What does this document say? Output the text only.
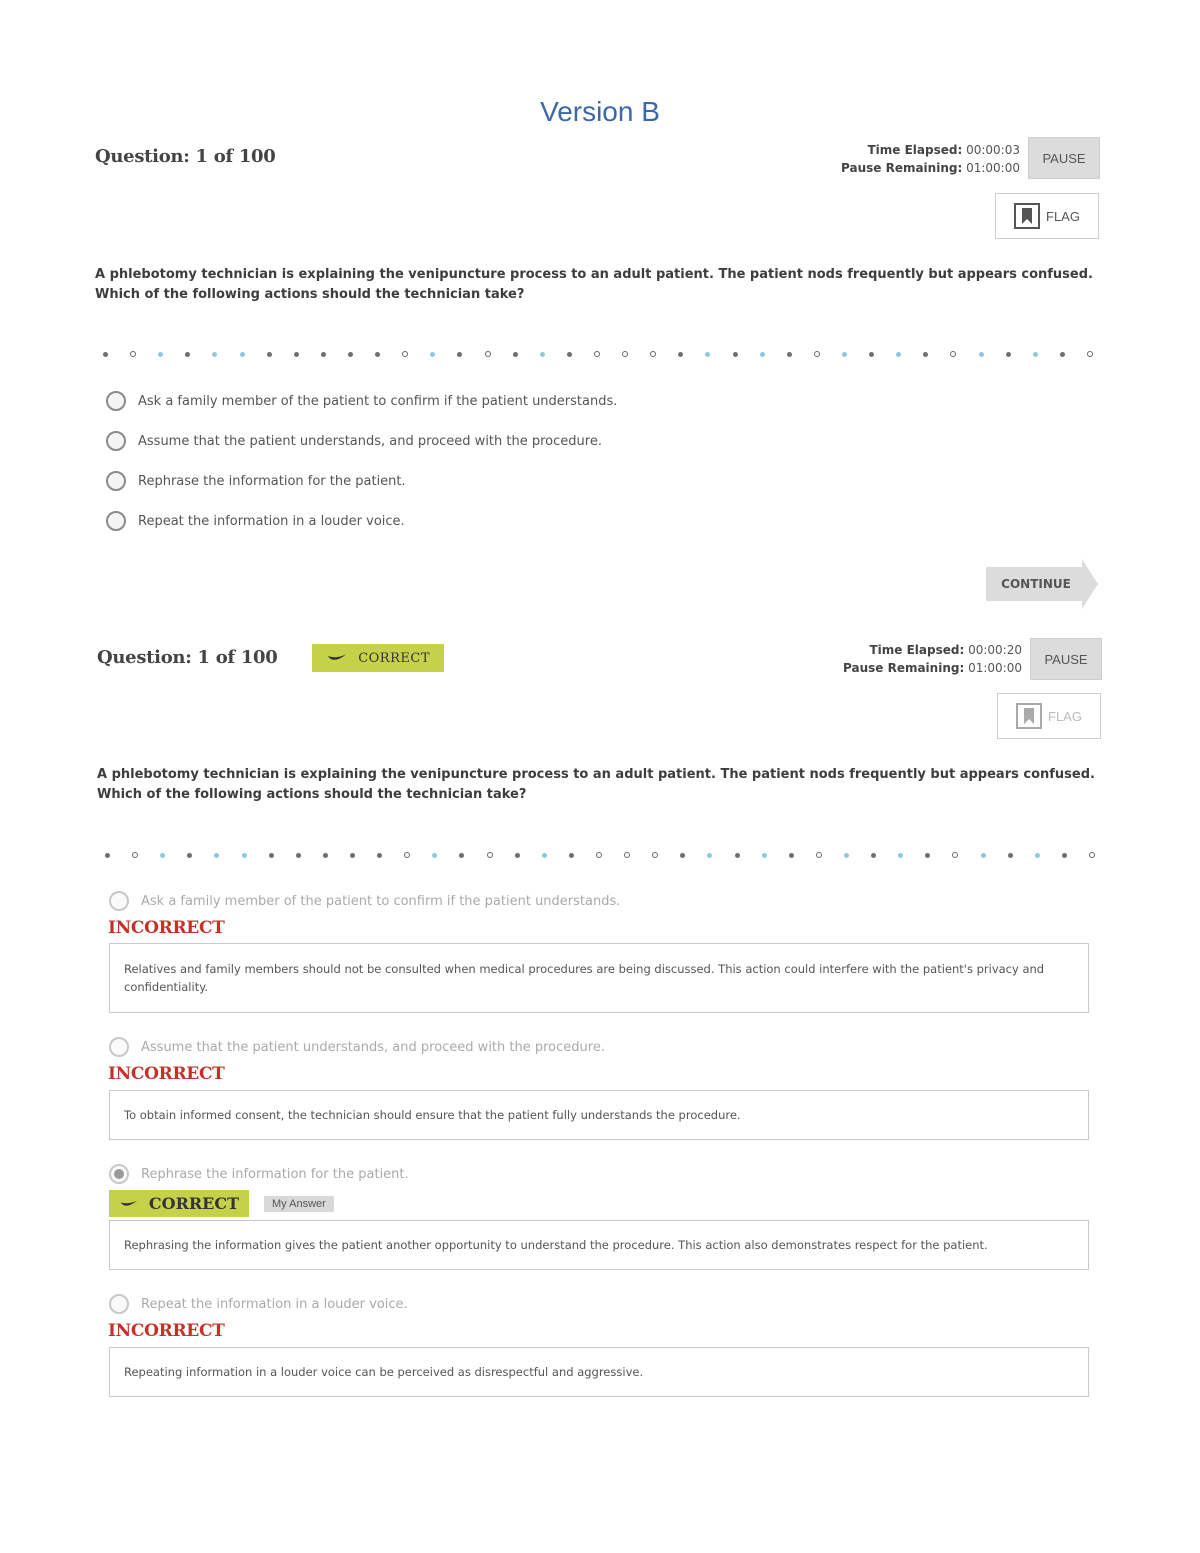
Version B
Question: 1 of 100	Time Elapsed: 00:00:03
Pause Remaining: 01:00:00
PAUSE
FLAG
A phlebotomy technician is explaining the venipuncture process to an adult patient. The patient nods frequently but appears confused. Which of the following actions should the technician take?
Ask a family member of the patient to confirm if the patient understands.
Assume that the patient understands, and proceed with the procedure.
Rephrase the information for the patient.
Repeat the information in a louder voice.
CONTINUE
Question: 1 of 100	CORRECT
Time Elapsed: 00:00:20
Pause Remaining: 01:00:00
PAUSE
FLAG
A phlebotomy technician is explaining the venipuncture process to an adult patient. The patient nods frequently but appears confused. Which of the following actions should the technician take?
Ask a family member of the patient to confirm if the patient understands.
INCORRECT
Relatives and family members should not be consulted when medical procedures are being discussed. This action could interfere with the patient's privacy and confidentiality.
Assume that the patient understands, and proceed with the procedure.
INCORRECT
To obtain informed consent, the technician should ensure that the patient fully understands the procedure.
Rephrase the information for the patient.
CORRECT	My Answer
Rephrasing the information gives the patient another opportunity to understand the procedure. This action also demonstrates respect for the patient.
Repeat the information in a louder voice.
INCORRECT
Repeating information in a louder voice can be perceived as disrespectful and aggressive.
